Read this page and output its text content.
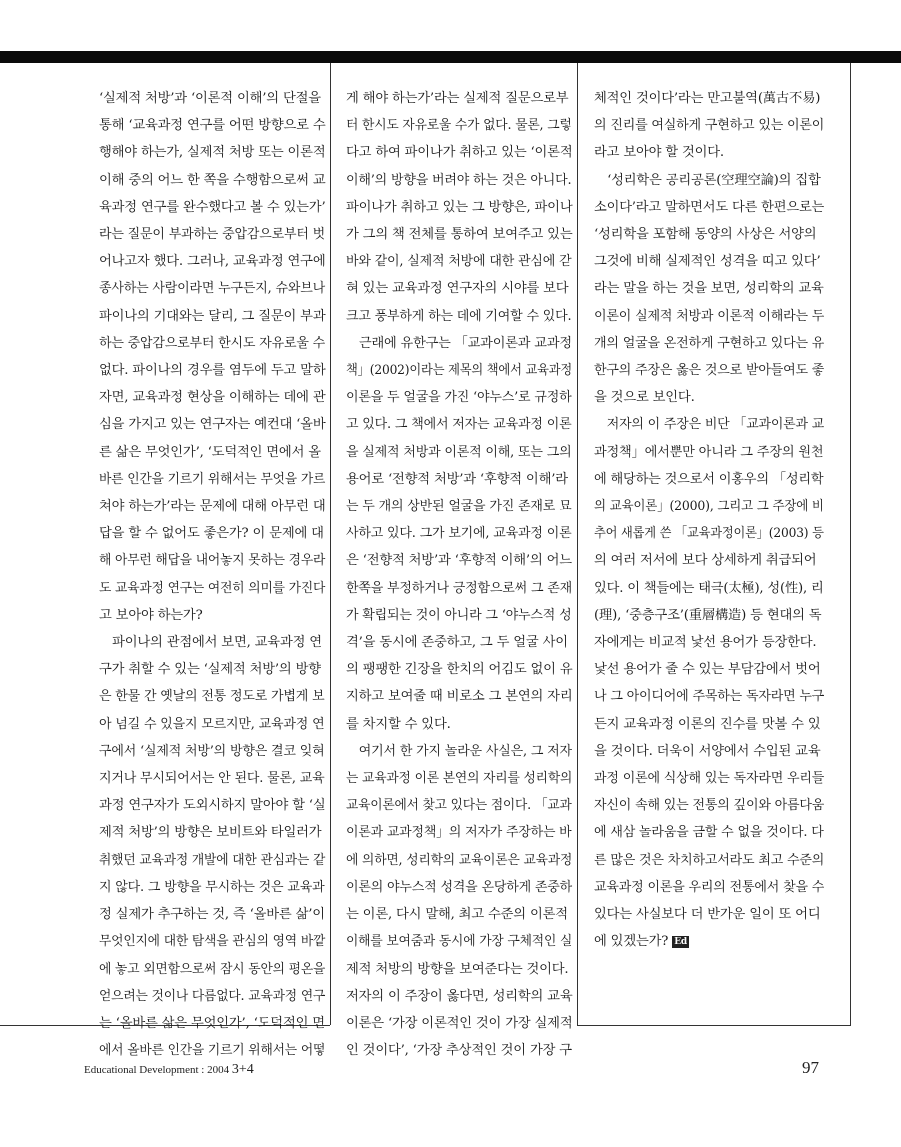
‘실제적 처방’과 ‘이론적 이해’의 단절을
통해 ‘교육과정 연구를 어떤 방향으로 수
행해야 하는가, 실제적 처방 또는 이론적
이해 중의 어느 한 쪽을 수행함으로써 교
육과정 연구를 완수했다고 볼 수 있는가’
라는 질문이 부과하는 중압감으로부터 벗
어나고자 했다. 그러나, 교육과정 연구에
종사하는 사람이라면 누구든지, 슈와브나
파이나의 기대와는 달리, 그 질문이 부과
하는 중압감으로부터 한시도 자유로울 수
없다. 파이나의 경우를 염두에 두고 말하
자면, 교육과정 현상을 이해하는 데에 관
심을 가지고 있는 연구자는 예컨대 ‘올바
른 삶은 무엇인가’, ‘도덕적인 면에서 올
바른 인간을 기르기 위해서는 무엇을 가르
쳐야 하는가’라는 문제에 대해 아무런 대
답을 할 수 없어도 좋은가? 이 문제에 대
해 아무런 해답을 내어놓지 못하는 경우라
도 교육과정 연구는 여전히 의미를 가진다
고 보아야 하는가?
　파이나의 관점에서 보면, 교육과정 연
구가 취할 수 있는 ‘실제적 처방’의 방향
은 한물 간 옛날의 전통 정도로 가볍게 보
아 넘길 수 있을지 모르지만, 교육과정 연
구에서 ‘실제적 처방’의 방향은 결코 잊혀
지거나 무시되어서는 안 된다. 물론, 교육
과정 연구자가 도외시하지 말아야 할 ‘실
제적 처방’의 방향은 보비트와 타일러가
취했던 교육과정 개발에 대한 관심과는 같
지 않다. 그 방향을 무시하는 것은 교육과
정 실제가 추구하는 것, 즉 ‘올바른 삶’이
무엇인지에 대한 탐색을 관심의 영역 바깥
에 놓고 외면함으로써 잠시 동안의 평온을
얻으려는 것이나 다름없다. 교육과정 연구
는 ‘올바른 삶은 무엇인가’, ‘도덕적인 면
에서 올바른 인간을 기르기 위해서는 어떻
게 해야 하는가’라는 실제적 질문으로부
터 한시도 자유로울 수가 없다. 물론, 그렇
다고 하여 파이나가 취하고 있는 ‘이론적
이해’의 방향을 버려야 하는 것은 아니다.
파이나가 취하고 있는 그 방향은, 파이나
가 그의 책 전체를 통하여 보여주고 있는
바와 같이, 실제적 처방에 대한 관심에 갇
혀 있는 교육과정 연구자의 시야를 보다
크고 풍부하게 하는 데에 기여할 수 있다.
　근래에 유한구는 「교과이론과 교과정
책」(2002)이라는 제목의 책에서 교육과정
이론을 두 얼굴을 가진 ‘야누스’로 규정하
고 있다. 그 책에서 저자는 교육과정 이론
을 실제적 처방과 이론적 이해, 또는 그의
용어로 ‘전향적 처방’과 ‘후향적 이해’라
는 두 개의 상반된 얼굴을 가진 존재로 묘
사하고 있다. 그가 보기에, 교육과정 이론
은 ‘전향적 처방’과 ‘후향적 이해’의 어느
한쪽을 부정하거나 긍정함으로써 그 존재
가 확립되는 것이 아니라 그 ‘야누스적 성
격’을 동시에 존중하고, 그 두 얼굴 사이
의 팽팽한 긴장을 한치의 어김도 없이 유
지하고 보여줄 때 비로소 그 본연의 자리
를 차지할 수 있다.
　여기서 한 가지 놀라운 사실은, 그 저자
는 교육과정 이론 본연의 자리를 성리학의
교육이론에서 찾고 있다는 점이다. 「교과
이론과 교과정책」의 저자가 주장하는 바
에 의하면, 성리학의 교육이론은 교육과정
이론의 야누스적 성격을 온당하게 존중하
는 이론, 다시 말해, 최고 수준의 이론적
이해를 보여줌과 동시에 가장 구체적인 실
제적 처방의 방향을 보여준다는 것이다.
저자의 이 주장이 옳다면, 성리학의 교육
이론은 ‘가장 이론적인 것이 가장 실제적
인 것이다’, ‘가장 추상적인 것이 가장 구
체적인 것이다’라는 만고불역(萬古不易)
의 진리를 여실하게 구현하고 있는 이론이
라고 보아야 할 것이다.
　‘성리학은 공리공론(空理空論)의 집합
소이다’라고 말하면서도 다른 한편으로는
‘성리학을 포함해 동양의 사상은 서양의
그것에 비해 실제적인 성격을 띠고 있다’
라는 말을 하는 것을 보면, 성리학의 교육
이론이 실제적 처방과 이론적 이해라는 두
개의 얼굴을 온전하게 구현하고 있다는 유
한구의 주장은 옳은 것으로 받아들여도 좋
을 것으로 보인다.
　저자의 이 주장은 비단 「교과이론과 교
과정책」에서뿐만 아니라 그 주장의 원천
에 해당하는 것으로서 이홍우의 「성리학
의 교육이론」(2000), 그리고 그 주장에 비
추어 새롭게 쓴 「교육과정이론」(2003) 등
의 여러 저서에 보다 상세하게 취급되어
있다. 이 책들에는 태극(太極), 성(性), 리
(理), ‘중층구조’(重層構造) 등 현대의 독
자에게는 비교적 낯선 용어가 등장한다.
낯선 용어가 줄 수 있는 부담감에서 벗어
나 그 아이디어에 주목하는 독자라면 누구
든지 교육과정 이론의 진수를 맛볼 수 있
을 것이다. 더욱이 서양에서 수입된 교육
과정 이론에 식상해 있는 독자라면 우리들
자신이 속해 있는 전통의 깊이와 아름다움
에 새삼 놀라움을 금할 수 없을 것이다. 다
른 많은 것은 차치하고서라도 최고 수준의
교육과정 이론을 우리의 전통에서 찾을 수
있다는 사실보다 더 반가운 일이 또 어디
에 있겠는가? Ed
Educational Development : 2004 3+4	97
